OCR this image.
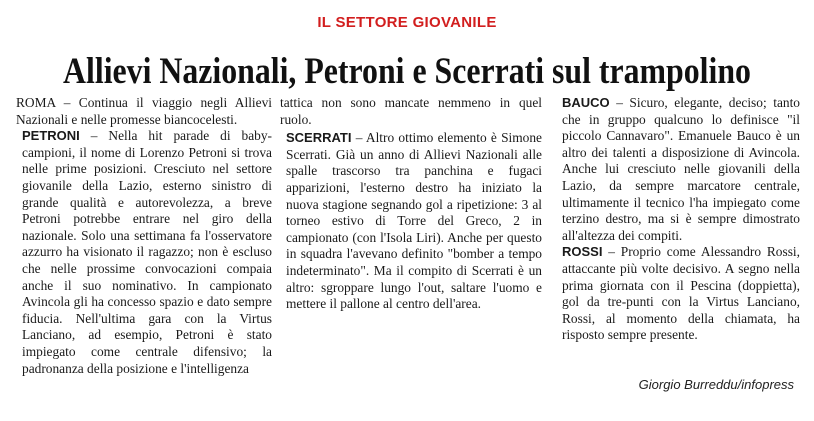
IL SETTORE GIOVANILE
Allievi Nazionali, Petroni e Scerrati sul trampolino

ROMA – Continua il viaggio negli Allievi Nazionali e nelle promesse biancocelesti.

PETRONI – Nella hit parade di baby-campioni, il nome di Lorenzo Petroni si trova nelle prime posizioni. Cresciuto nel settore giovanile della Lazio, esterno sinistro di grande qualità e autorevolezza, a breve Petroni potrebbe entrare nel giro della nazionale. Solo una settimana fa l'osservatore azzurro ha visionato il ragazzo; non è escluso che nelle prossime convocazioni compaia anche il suo nominativo. In campionato Avincola gli ha concesso spazio e dato sempre fiducia. Nell'ultima gara con la Virtus Lanciano, ad esempio, Petroni è stato impiegato come centrale difensivo; la padronanza della posizione e l'intelligenza

tattica non sono mancate nemmeno in quel ruolo.

SCERRATI – Altro ottimo elemento è Simone Scerrati. Già un anno di Allievi Nazionali alle spalle trascorso tra panchina e fugaci apparizioni, l'esterno destro ha iniziato la nuova stagione segnando gol a ripetizione: 3 al torneo estivo di Torre del Greco, 2 in campionato (con l'Isola Liri). Anche per questo in squadra l'avevano definito "bomber a tempo indeterminato". Ma il compito di Scerrati è un altro: sgroppare lungo l'out, saltare l'uomo e mettere il pallone al centro dell'area.

BAUCO – Sicuro, elegante, deciso; tanto che in gruppo qualcuno lo definisce "il piccolo Cannavaro". Emanuele Bauco è un altro dei talenti a disposizione di Avincola. Anche lui cresciuto nelle giovanili della Lazio, da sempre marcatore centrale, ultimamente il tecnico l'ha impiegato come terzino destro, ma si è sempre dimostrato all'altezza dei compiti.

ROSSI – Proprio come Alessandro Rossi, attaccante più volte decisivo. A segno nella prima giornata con il Pescina (doppietta), gol da tre-punti con la Virtus Lanciano, Rossi, al momento della chiamata, ha risposto sempre presente.

Giorgio Burreddu/infopress
